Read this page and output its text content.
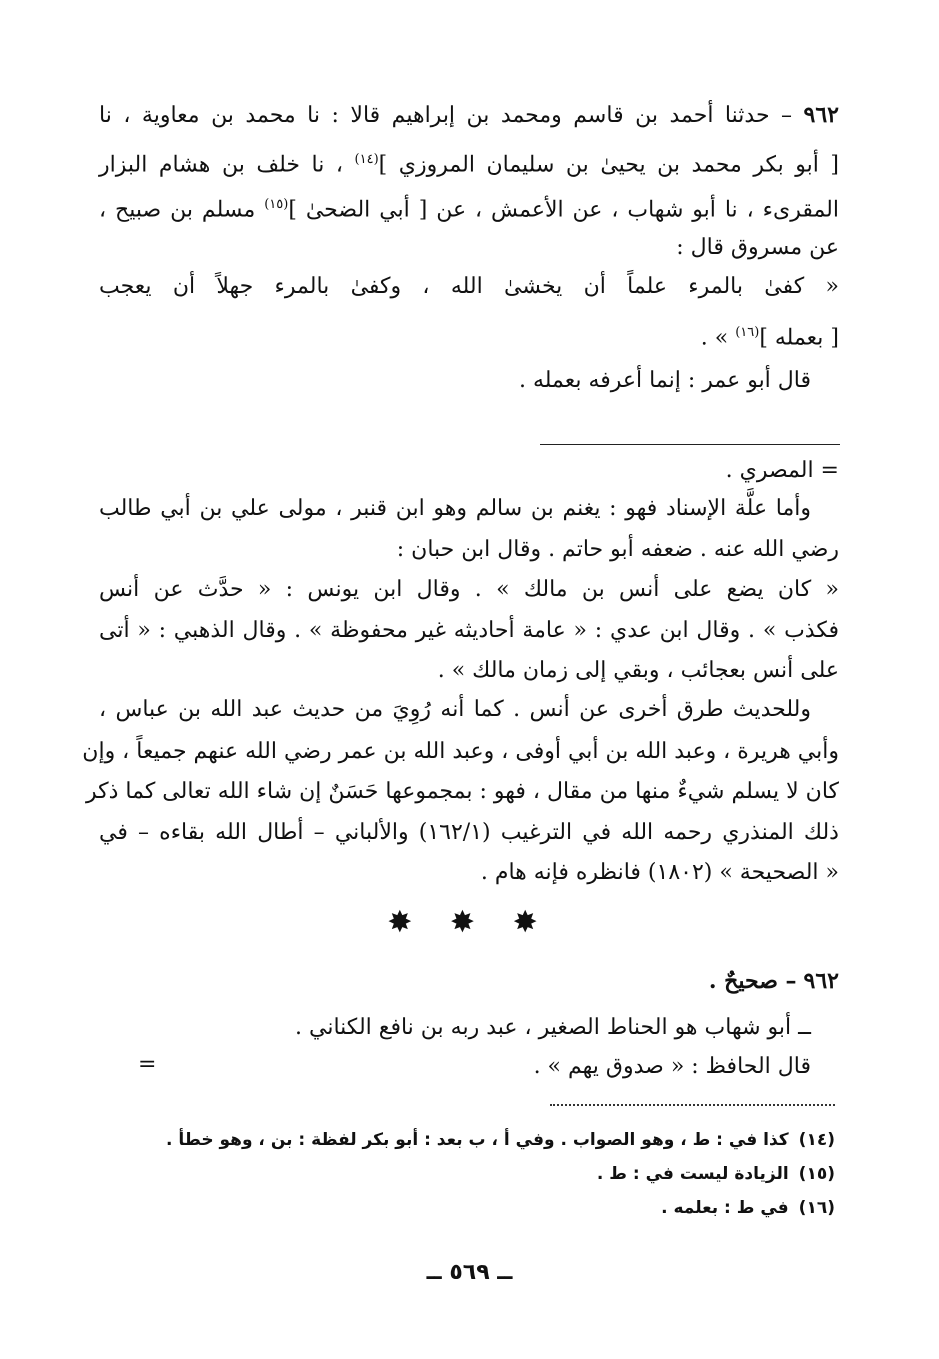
٩٦٢ – حدثنا أحمد بن قاسم ومحمد بن إبراهيم قالا : نا محمد بن معاوية ، نا
[ أبو بكر محمد بن يحيىٰ بن سليمان المروزي ]$^{(١٤)}$ ، نا خلف بن هشام البزار
المقرىء ، نا أبو شهاب ، عن الأعمش ، عن [ أبي الضحىٰ ]$^{(١٥)}$ مسلم بن صبيح ،
عن مسروق قال :
« كفىٰ بالمرء علماً أن يخشىٰ الله ، وكفىٰ بالمرء جهلاً أن يعجب
[ بعمله ]$^{(١٦)}$ » .
قال أبو عمر : إنما أعرفه بعمله .
= المصري .
وأما علَّة الإسناد فهو : يغنم بن سالم وهو ابن قنبر ، مولى علي بن أبي طالب
رضي الله عنه . ضعفه أبو حاتم . وقال ابن حبان :
« كان يضع على أنس بن مالك » . وقال ابن يونس : « حدَّث عن أنس
فكذب » . وقال ابن عدي : « عامة أحاديثه غير محفوظة » . وقال الذهبي : « أتى
على أنس بعجائب ، وبقي إلى زمان مالك » .
وللحديث طرق أخرى عن أنس . كما أنه رُوِيَ من حديث عبد الله بن عباس ،
وأبي هريرة ، وعبد الله بن أبي أوفى ، وعبد الله بن عمر رضي الله عنهم جميعاً ، وإن
كان لا يسلم شيءٌ منها من مقال ، فهو : بمجموعها حَسَنٌ إن شاء الله تعالى كما ذكر
ذلك المنذري رحمه الله في الترغيب (١٦٢/١) والألباني – أطال الله بقاءه – في
« الصحيحة » (١٨٠٢) فانظره فإنه هام .
✸ ✸ ✸
٩٦٢ – صحيحٌ .
ــ أبو شهاب هو الحناط الصغير ، عبد ربه بن نافع الكناني .
قال الحافظ : « صدوق يهم » .
=
(١٤)كذا في : ط ، وهو الصواب . وفي أ ، ب بعد : أبو بكر لفظة : بن ، وهو خطأ .
(١٥)الزيادة ليست في : ط .
(١٦)في ط : بعلمه .
ــ ٥٦٩ ــ
